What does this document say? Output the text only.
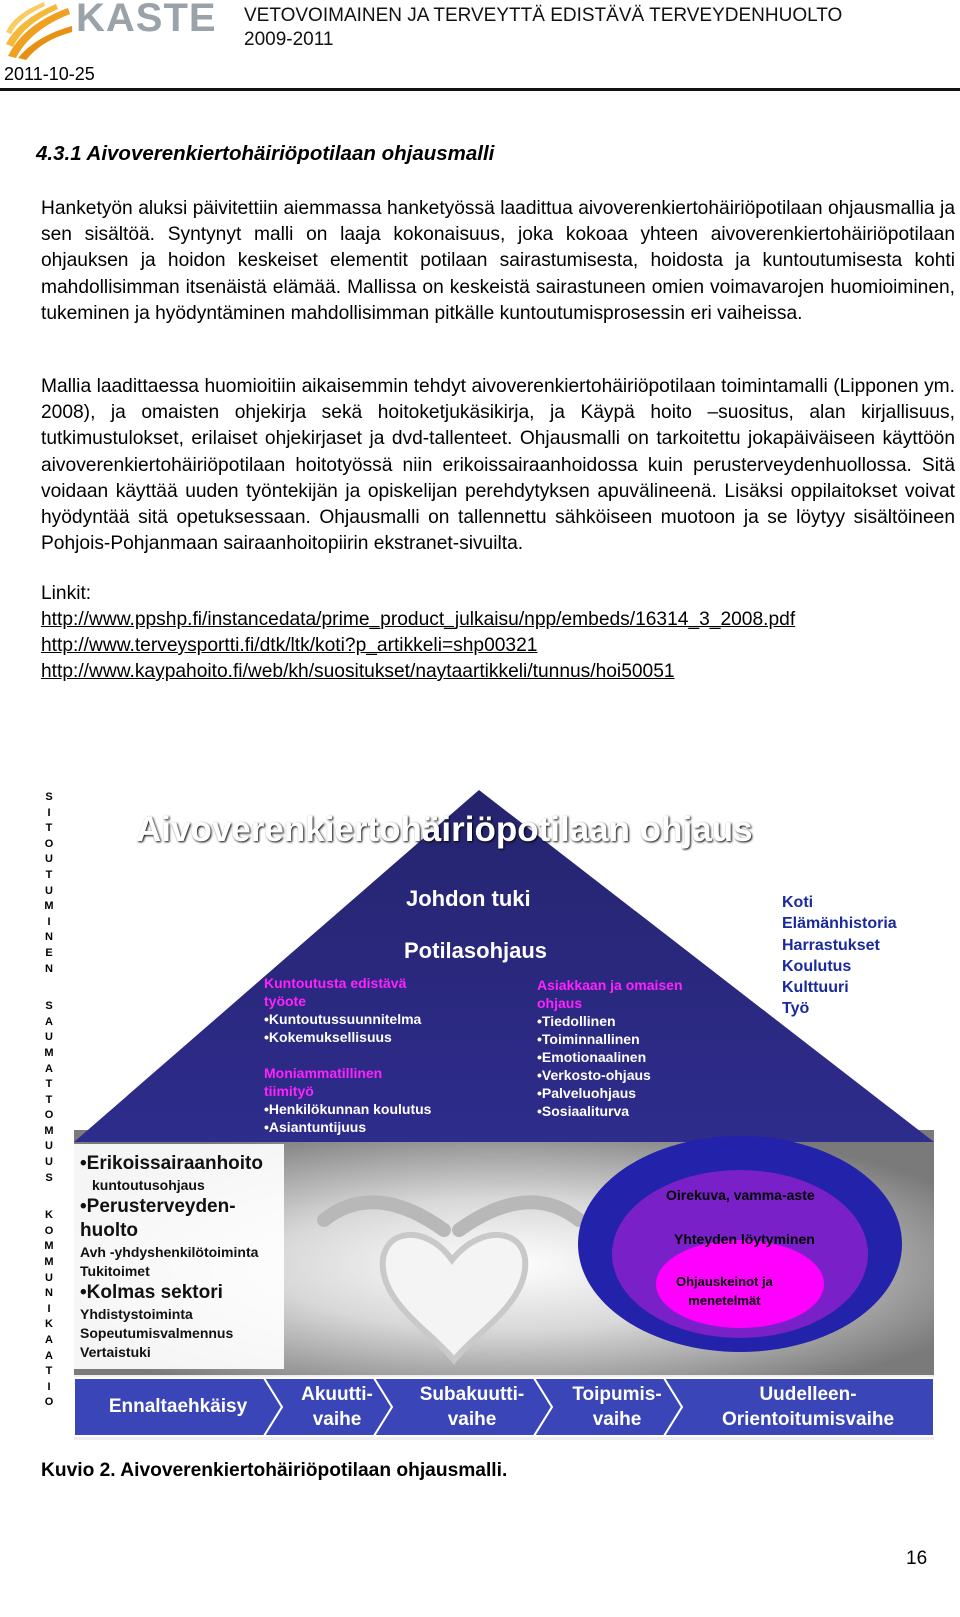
KASTE VETOVOIMAINEN JA TERVEYTTÄ EDISTÄVÄ TERVEYDENHUOLTO
2009-2011
2011-10-25
4.3.1 Aivoverenkiertohäiriöpotilaan ohjausmalli

Hanketyön aluksi päivitettiin aiemmassa hanketyössä laadittua aivoverenkiertohäiriöpotilaan ohjausmallia ja sen sisältöä. Syntynyt malli on laaja kokonaisuus, joka kokoaa yhteen aivoverenkiertohäiriöpotilaan ohjauksen ja hoidon keskeiset elementit potilaan sairastumisesta, hoidosta ja kuntoutumisesta kohti mahdollisimman itsenäistä elämää. Mallissa on keskeistä sairastuneen omien voimavarojen huomioiminen, tukeminen ja hyödyntäminen mahdollisimman pitkälle kuntoutumisprosessin eri vaiheissa.

Mallia laadittaessa huomioitiin aikaisemmin tehdyt aivoverenkiertohäiriöpotilaan toimintamalli (Lipponen ym. 2008), ja omaisten ohjekirja sekä hoitoketjukäsikirja, ja Käypä hoito –suositus, alan kirjallisuus, tutkimustulokset, erilaiset ohjekirjaset ja dvd-tallenteet. Ohjausmalli on tarkoitettu jokapäiväiseen käyttöön aivoverenkiertohäiriöpotilaan hoitotyössä niin erikoissairaanhoidossa kuin perusterveydenhuollossa. Sitä voidaan käyttää uuden työntekijän ja opiskelijan perehdytyksen apuvälineenä. Lisäksi oppilaitokset voivat hyödyntää sitä opetuksessaan. Ohjausmalli on tallennettu sähköiseen muotoon ja se löytyy sisältöineen Pohjois-Pohjanmaan sairaanhoitopiirin ekstranet-sivuilta.

Linkit:
http://www.ppshp.fi/instancedata/prime_product_julkaisu/npp/embeds/16314_3_2008.pdf
http://www.terveysportti.fi/dtk/ltk/koti?p_artikkeli=shp00321
http://www.kaypahoito.fi/web/kh/suositukset/naytaartikkeli/tunnus/hoi50051
S
I
T
O
U
T
U
M
I
N
E
N
S
A
U
M
A
T
T
O
M
U
U
S
K
O
M
M
U
N
I
K
A
A
T
I
O
Aivoverenkiertohäiriöpotilaan ohjaus
Johdon tuki
Potilasohjaus
Kuntoutusta edistävä työote
•Kuntoutussuunnitelma
•Kokemuksellisuus
Moniammatillinen tiimityö
•Henkilökunnan koulutus
•Asiantuntijuus
Asiakkaan ja omaisen ohjaus
•Tiedollinen
•Toiminnallinen
•Emotionaalinen
•Verkosto-ohjaus
•Palveluohjaus
•Sosiaaliturva
Koti
Elämänhistoria
Harrastukset
Koulutus
Kulttuuri
Työ
•Erikoissairaanhoito
kuntoutusohjaus
•Perusterveyden-
huolto
Avh -yhdyshenkilötoiminta
Tukitoimet
•Kolmas sektori
Yhdistystoiminta
Sopeutumisvalmennus
Vertaistuki
Oirekuva, vamma-aste
Yhteyden löytyminen
Ohjauskeinot ja
menetelmät
Ennaltaehkäisy
Akuutti-
vaihe
Subakuutti-
vaihe
Toipumis-
vaihe
Uudelleen-
Orientoitumisvaihe
Kuvio 2. Aivoverenkiertohäiriöpotilaan ohjausmalli.
16
